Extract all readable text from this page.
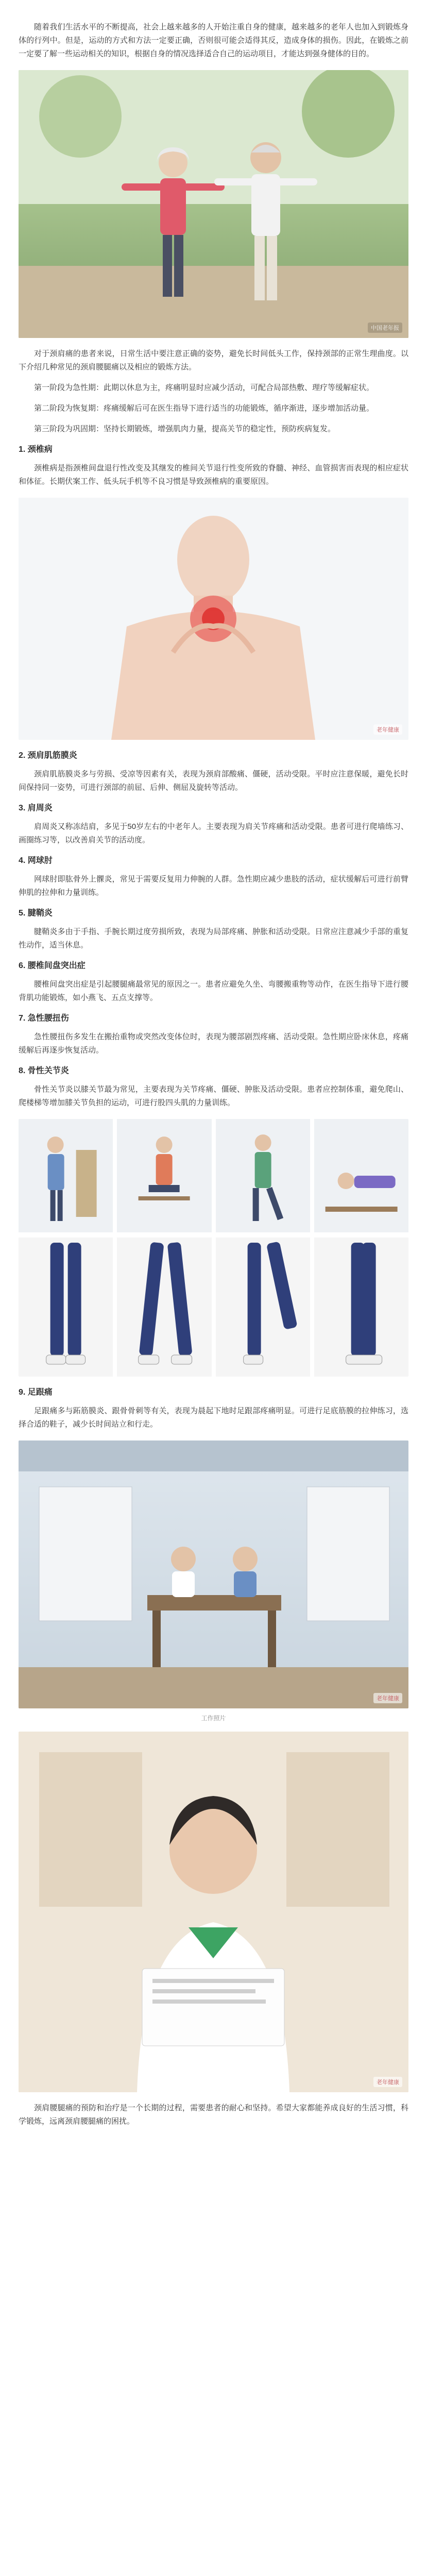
随着我们生活水平的不断提高，社会上越来越多的人开始注重自身的健康，越来越多的老年人也加入到锻炼身体的行列中。但是，运动的方式和方法一定要正确，否则很可能会适得其反，造成身体的损伤。因此，在锻炼之前一定要了解一些运动相关的知识，根据自身的情况选择适合自己的运动项目，才能达到强身健体的目的。

中国老年报

对于颈肩痛的患者来说，日常生活中要注意正确的姿势，避免长时间低头工作，保持颈部的正常生理曲度。以下介绍几种常见的颈肩腰腿痛以及相应的锻炼方法。

第一阶段为急性期：此期以休息为主，疼痛明显时应减少活动，可配合局部热敷、理疗等缓解症状。

第二阶段为恢复期：疼痛缓解后可在医生指导下进行适当的功能锻炼，循序渐进，逐步增加活动量。

第三阶段为巩固期：坚持长期锻炼，增强肌肉力量，提高关节的稳定性，预防疾病复发。

1. 颈椎病

颈椎病是指颈椎间盘退行性改变及其继发的椎间关节退行性变所致的脊髓、神经、血管损害而表现的相应症状和体征。长期伏案工作、低头玩手机等不良习惯是导致颈椎病的重要原因。

老年健康
2. 颈肩肌筋膜炎

颈肩肌筋膜炎多与劳损、受凉等因素有关，表现为颈肩部酸痛、僵硬，活动受限。平时应注意保暖，避免长时间保持同一姿势，可进行颈部的前屈、后伸、侧屈及旋转等活动。

3. 肩周炎

肩周炎又称冻结肩，多见于50岁左右的中老年人。主要表现为肩关节疼痛和活动受限。患者可进行爬墙练习、画圈练习等，以改善肩关节的活动度。

4. 网球肘

网球肘即肱骨外上髁炎，常见于需要反复用力伸腕的人群。急性期应减少患肢的活动，症状缓解后可进行前臂伸肌的拉伸和力量训练。

5. 腱鞘炎

腱鞘炎多由于手指、手腕长期过度劳损所致，表现为局部疼痛、肿胀和活动受限。日常应注意减少手部的重复性动作，适当休息。

6. 腰椎间盘突出症

腰椎间盘突出症是引起腰腿痛最常见的原因之一。患者应避免久坐、弯腰搬重物等动作，在医生指导下进行腰背肌功能锻炼，如小燕飞、五点支撑等。

7. 急性腰扭伤

急性腰扭伤多发生在搬抬重物或突然改变体位时，表现为腰部剧烈疼痛、活动受限。急性期应卧床休息，疼痛缓解后再逐步恢复活动。

8. 骨性关节炎

骨性关节炎以膝关节最为常见，主要表现为关节疼痛、僵硬、肿胀及活动受限。患者应控制体重，避免爬山、爬楼梯等增加膝关节负担的运动，可进行股四头肌的力量训练。

9. 足跟痛

足跟痛多与跖筋膜炎、跟骨骨刺等有关，表现为晨起下地时足跟部疼痛明显。可进行足底筋膜的拉伸练习，选择合适的鞋子，减少长时间站立和行走。

老年健康
工作照片
老年健康

颈肩腰腿痛的预防和治疗是一个长期的过程，需要患者的耐心和坚持。希望大家都能养成良好的生活习惯，科学锻炼，远离颈肩腰腿痛的困扰。
